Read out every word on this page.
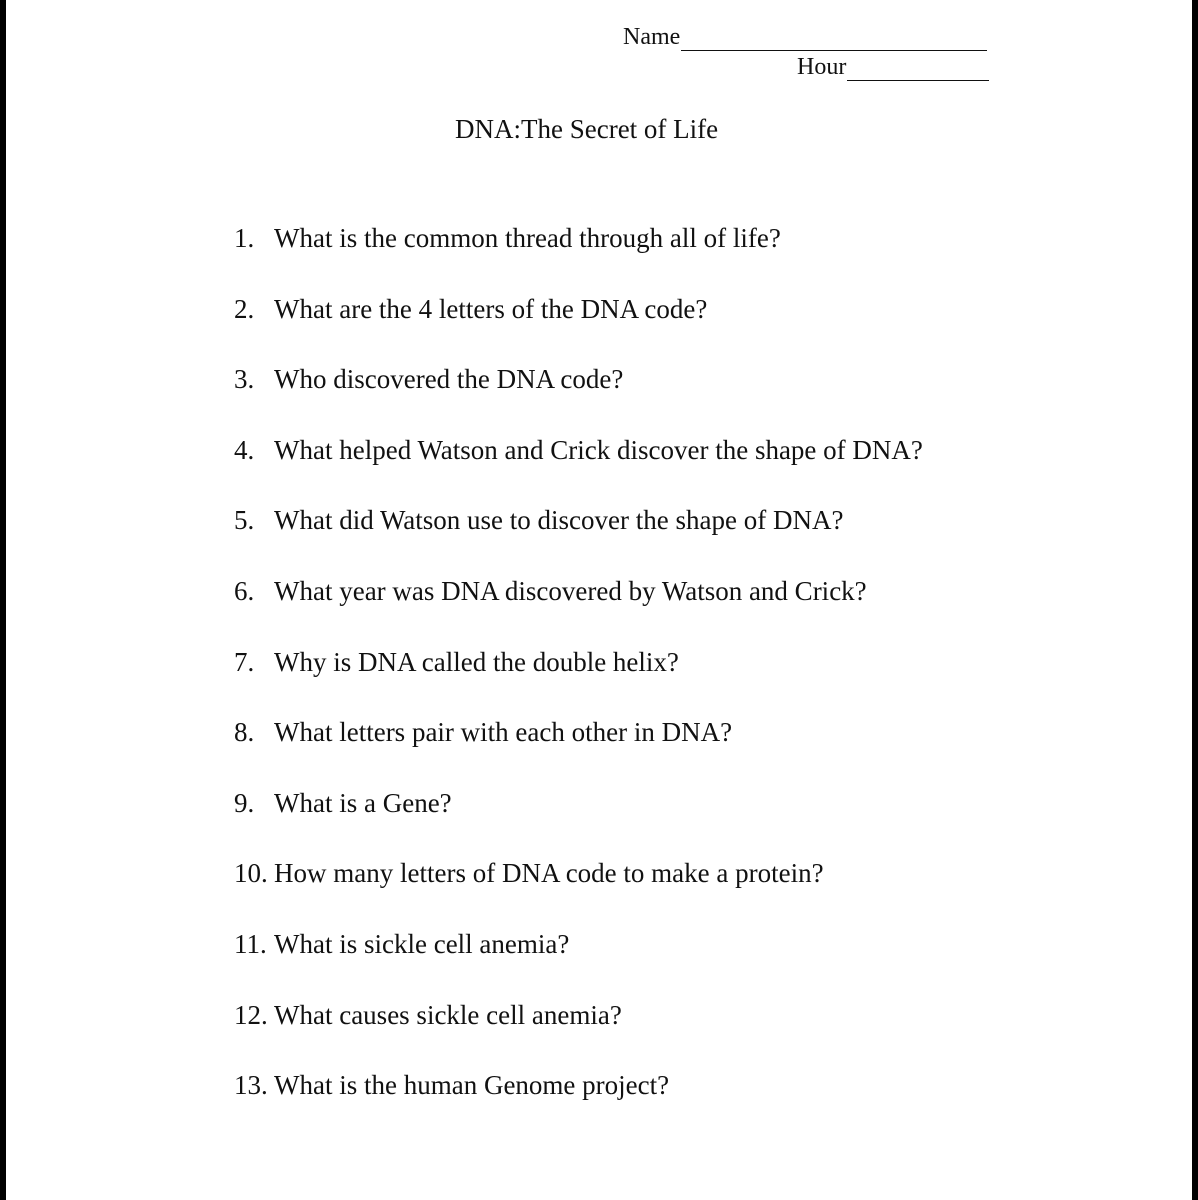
Name
Hour
DNA:The Secret of Life
1. What is the common thread through all of life?
2. What are the 4 letters of the DNA code?
3. Who discovered the DNA code?
4. What helped Watson and Crick discover the shape of DNA?
5. What did Watson use to discover the shape of DNA?
6. What year was DNA discovered by Watson and Crick?
7. Why is DNA called the double helix?
8. What letters pair with each other in DNA?
9. What is a Gene?
10. How many letters of DNA code to make a protein?
11. What is sickle cell anemia?
12. What causes sickle cell anemia?
13. What is the human Genome project?
